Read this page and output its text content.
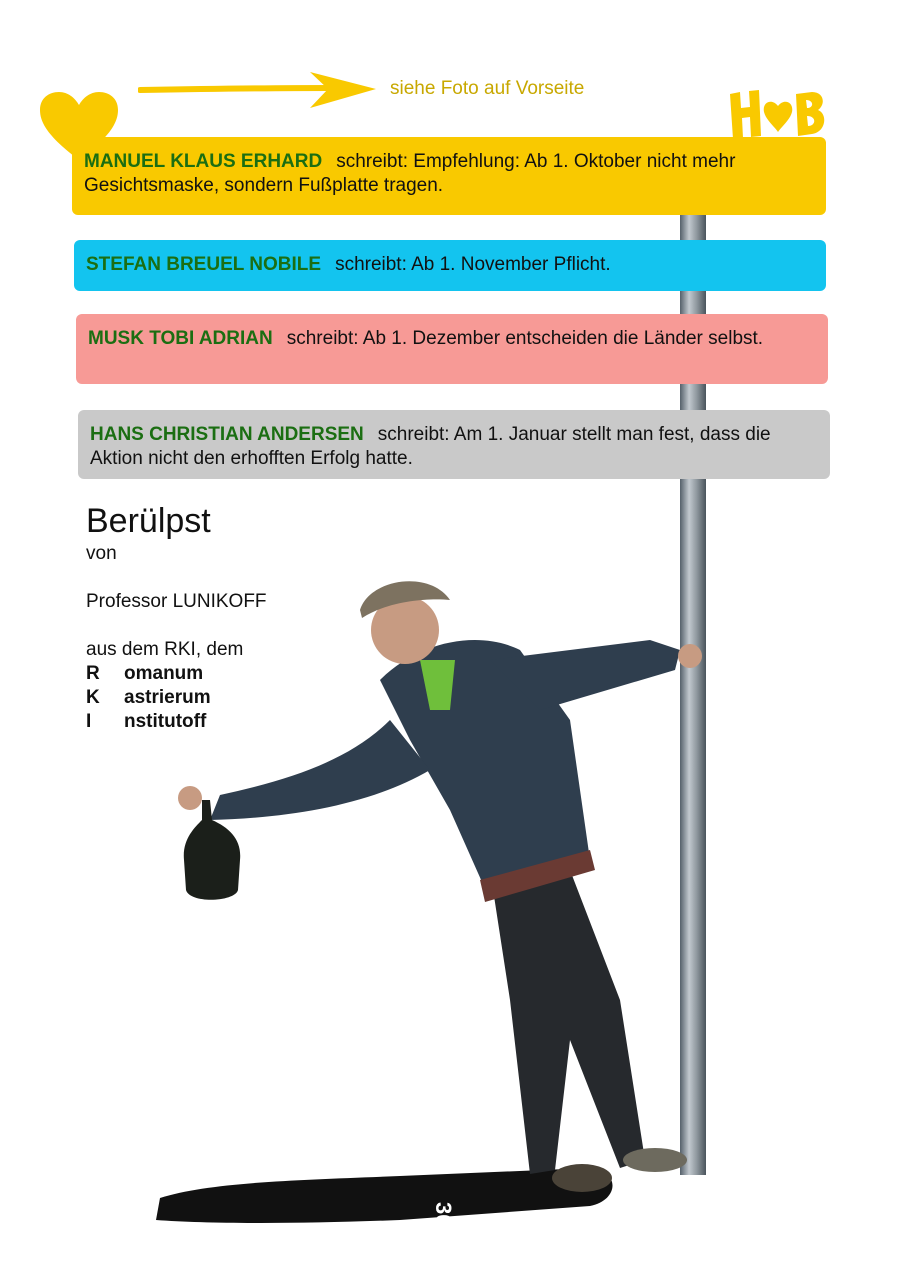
siehe Foto auf Vorseite
MANUEL KLAUS ERHARD schreibt: Empfehlung: Ab 1. Oktober nicht mehr Gesichtsmaske, sondern Fußplatte tragen.
STEFAN BREUEL NOBILE schreibt: Ab 1. November Pflicht.
MUSK TOBI ADRIAN schreibt: Ab 1. Dezember entscheiden die Länder selbst.
HANS CHRISTIAN ANDERSEN schreibt: Am 1. Januar stellt man fest, dass die Aktion nicht den erhofften Erfolg hatte.
Berülpst
von
Professor LUNIKOFF
aus dem RKI, dem
R omanum
K astrierum
I nstitutoff
30
